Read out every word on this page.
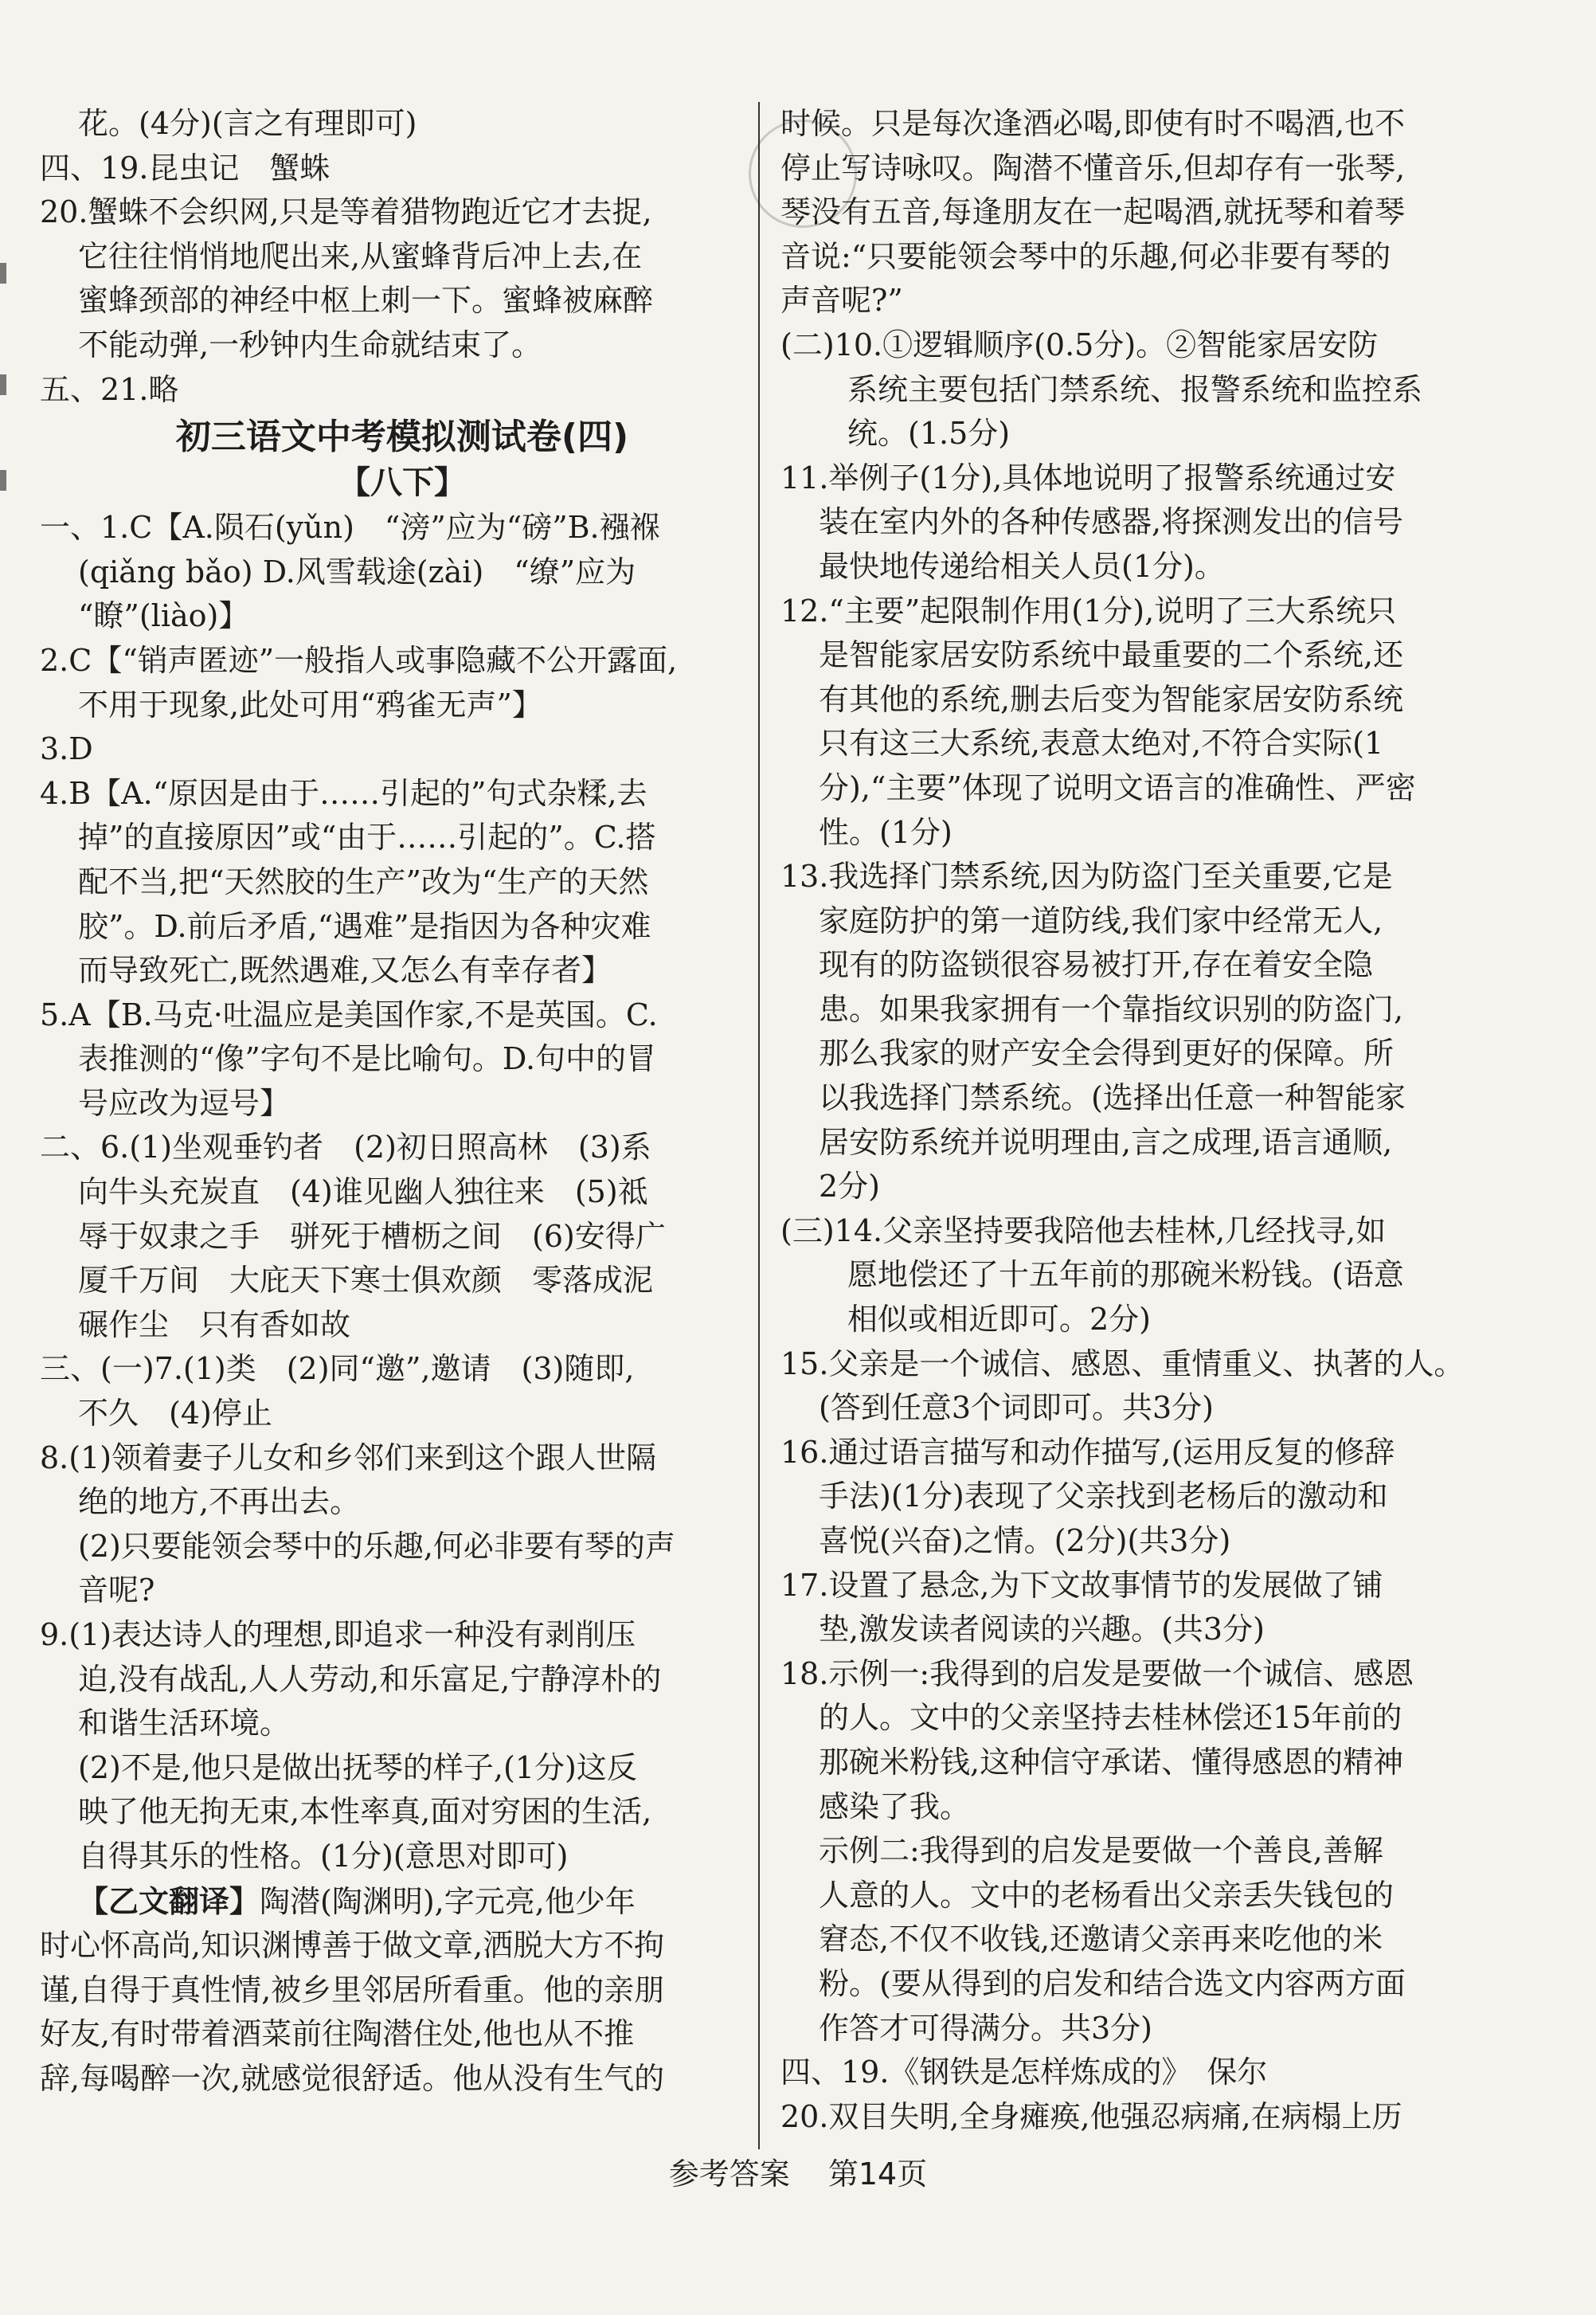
花。(4分)(言之有理即可)

四、19.昆虫记　蟹蛛

20.蟹蛛不会织网,只是等着猎物跑近它才去捉,

它往往悄悄地爬出来,从蜜蜂背后冲上去,在

蜜蜂颈部的神经中枢上刺一下。蜜蜂被麻醉

不能动弹,一秒钟内生命就结束了。

五、21.略

初三语文中考模拟测试卷(四)

【八下】

一、1.C【A.陨石(yǔn)　“滂”应为“磅”B.襁褓

(qiǎng bǎo) D.风雪载途(zài)　“缭”应为

“瞭”(liào)】

2.C【“销声匿迹”一般指人或事隐藏不公开露面,

不用于现象,此处可用“鸦雀无声”】

3.D

4.B【A.“原因是由于……引起的”句式杂糅,去

掉”的直接原因”或“由于……引起的”。C.搭

配不当,把“天然胶的生产”改为“生产的天然

胶”。D.前后矛盾,“遇难”是指因为各种灾难

而导致死亡,既然遇难,又怎么有幸存者】

5.A【B.马克·吐温应是美国作家,不是英国。C.

表推测的“像”字句不是比喻句。D.句中的冒

号应改为逗号】

二、6.(1)坐观垂钓者　(2)初日照高林　(3)系

向牛头充炭直　(4)谁见幽人独往来　(5)祗

辱于奴隶之手　骈死于槽枥之间　(6)安得广

厦千万间　大庇天下寒士俱欢颜　零落成泥

碾作尘　只有香如故

三、(一)7.(1)类　(2)同“邀”,邀请　(3)随即,

不久　(4)停止

8.(1)领着妻子儿女和乡邻们来到这个跟人世隔

绝的地方,不再出去。

(2)只要能领会琴中的乐趣,何必非要有琴的声

音呢?

9.(1)表达诗人的理想,即追求一种没有剥削压

迫,没有战乱,人人劳动,和乐富足,宁静淳朴的

和谐生活环境。

(2)不是,他只是做出抚琴的样子,(1分)这反

映了他无拘无束,本性率真,面对穷困的生活,

自得其乐的性格。(1分)(意思对即可)

【乙文翻译】陶潜(陶渊明),字元亮,他少年

时心怀高尚,知识渊博善于做文章,洒脱大方不拘

谨,自得于真性情,被乡里邻居所看重。他的亲朋

好友,有时带着酒菜前往陶潜住处,他也从不推

辞,每喝醉一次,就感觉很舒适。他从没有生气的

时候。只是每次逢酒必喝,即使有时不喝酒,也不

停止写诗咏叹。陶潜不懂音乐,但却存有一张琴,

琴没有五音,每逢朋友在一起喝酒,就抚琴和着琴

音说:“只要能领会琴中的乐趣,何必非要有琴的

声音呢?”

(二)10.①逻辑顺序(0.5分)。②智能家居安防

系统主要包括门禁系统、报警系统和监控系

统。(1.5分)

11.举例子(1分),具体地说明了报警系统通过安

装在室内外的各种传感器,将探测发出的信号

最快地传递给相关人员(1分)。

12.“主要”起限制作用(1分),说明了三大系统只

是智能家居安防系统中最重要的二个系统,还

有其他的系统,删去后变为智能家居安防系统

只有这三大系统,表意太绝对,不符合实际(1

分),“主要”体现了说明文语言的准确性、严密

性。(1分)

13.我选择门禁系统,因为防盗门至关重要,它是

家庭防护的第一道防线,我们家中经常无人,

现有的防盗锁很容易被打开,存在着安全隐

患。如果我家拥有一个靠指纹识别的防盗门,

那么我家的财产安全会得到更好的保障。所

以我选择门禁系统。(选择出任意一种智能家

居安防系统并说明理由,言之成理,语言通顺,

2分)

(三)14.父亲坚持要我陪他去桂林,几经找寻,如

愿地偿还了十五年前的那碗米粉钱。(语意

相似或相近即可。2分)

15.父亲是一个诚信、感恩、重情重义、执著的人。

(答到任意3个词即可。共3分)

16.通过语言描写和动作描写,(运用反复的修辞

手法)(1分)表现了父亲找到老杨后的激动和

喜悦(兴奋)之情。(2分)(共3分)

17.设置了悬念,为下文故事情节的发展做了铺

垫,激发读者阅读的兴趣。(共3分)

18.示例一:我得到的启发是要做一个诚信、感恩

的人。文中的父亲坚持去桂林偿还15年前的

那碗米粉钱,这种信守承诺、懂得感恩的精神

感染了我。

示例二:我得到的启发是要做一个善良,善解

人意的人。文中的老杨看出父亲丢失钱包的

窘态,不仅不收钱,还邀请父亲再来吃他的米

粉。(要从得到的启发和结合选文内容两方面

作答才可得满分。共3分)

四、19.《钢铁是怎样炼成的》　保尔

20.双目失明,全身瘫痪,他强忍病痛,在病榻上历

参考答案 第14页
